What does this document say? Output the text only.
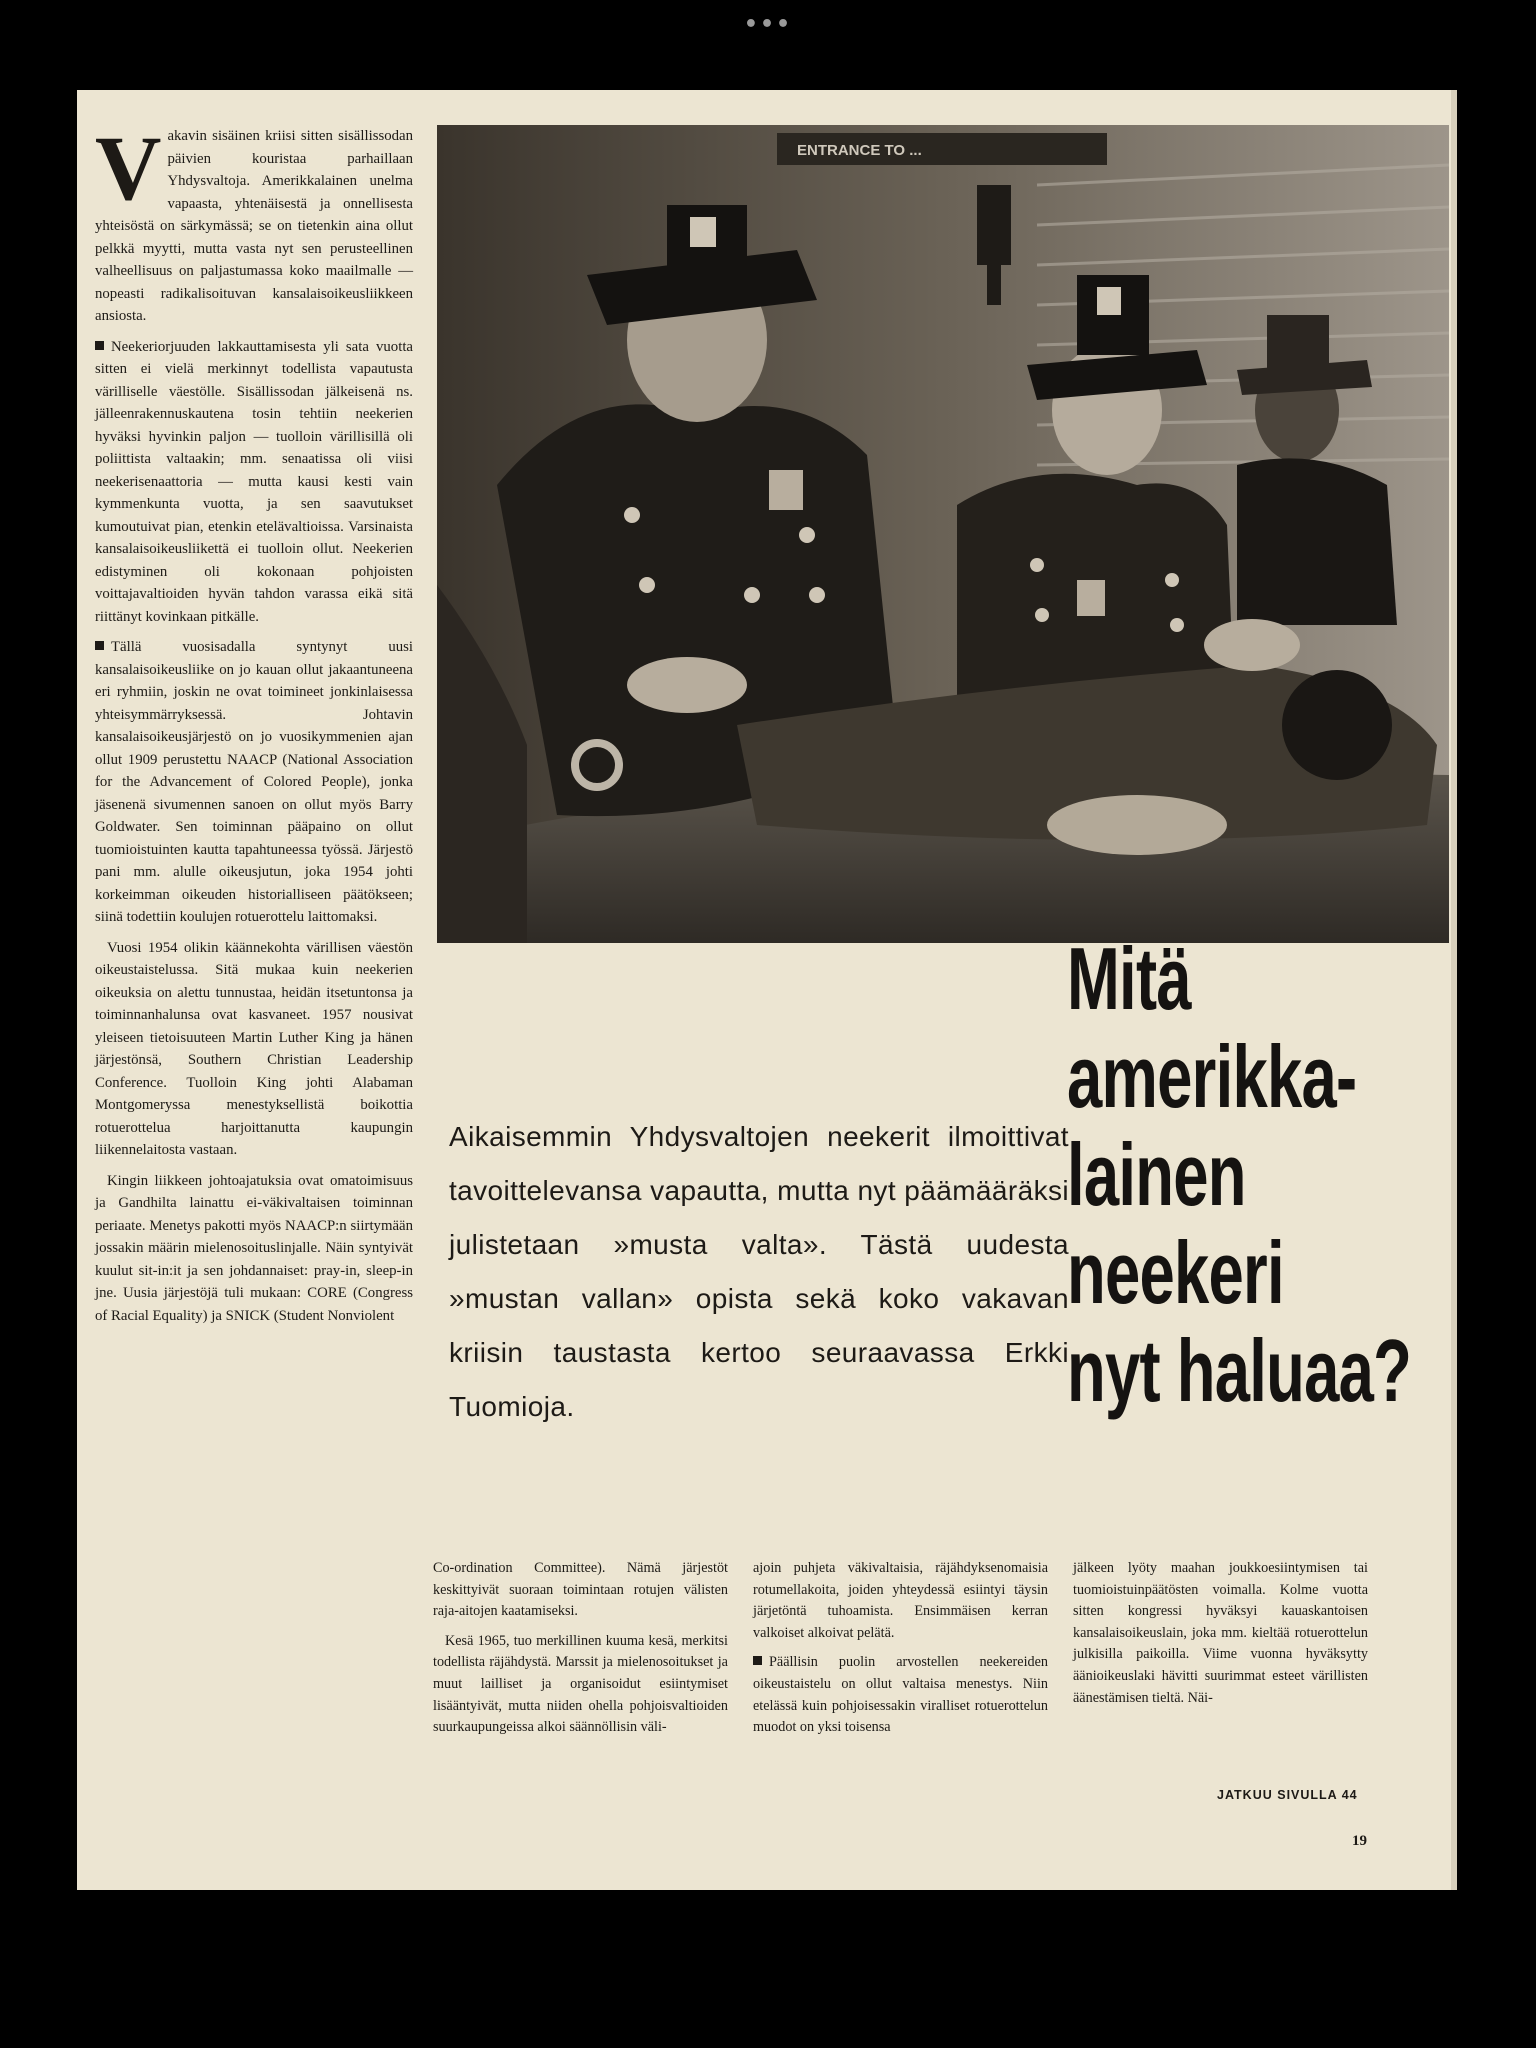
•••

Vakavin sisäinen kriisi sitten sisällissodan päivien kouristaa parhaillaan Yhdysvaltoja. Amerikkalainen unelma vapaasta, yhtenäisestä ja onnellisesta yhteisöstä on särkymässä; se on tietenkin aina ollut pelkkä myytti, mutta vasta nyt sen perusteellinen valheellisuus on paljastumassa koko maailmalle — nopeasti radikalisoituvan kansalaisoikeusliikkeen ansiosta.

Neekeriorjuuden lakkauttamisesta yli sata vuotta sitten ei vielä merkinnyt todellista vapautusta värilliselle väestölle. Sisällissodan jälkeisenä ns. jälleenrakennuskautena tosin tehtiin neekerien hyväksi hyvinkin paljon — tuolloin värillisillä oli poliittista valtaakin; mm. senaatissa oli viisi neekerisenaattoria — mutta kausi kesti vain kymmenkunta vuotta, ja sen saavutukset kumoutuivat pian, etenkin etelävaltioissa. Varsinaista kansalaisoikeusliikettä ei tuolloin ollut. Neekerien edistyminen oli kokonaan pohjoisten voittajavaltioiden hyvän tahdon varassa eikä sitä riittänyt kovinkaan pitkälle.

Tällä vuosisadalla syntynyt uusi kansalaisoikeusliike on jo kauan ollut jakaantuneena eri ryhmiin, joskin ne ovat toimineet jonkinlaisessa yhteisymmärryksessä. Johtavin kansalaisoikeusjärjestö on jo vuosikymmenien ajan ollut 1909 perustettu NAACP (National Association for the Advancement of Colored People), jonka jäsenenä sivumennen sanoen on ollut myös Barry Goldwater. Sen toiminnan pääpaino on ollut tuomioistuinten kautta tapahtuneessa työssä. Järjestö pani mm. alulle oikeusjutun, joka 1954 johti korkeimman oikeuden historialliseen päätökseen; siinä todettiin koulujen rotuerottelu laittomaksi.

Vuosi 1954 olikin käännekohta värillisen väestön oikeustaistelussa. Sitä mukaa kuin neekerien oikeuksia on alettu tunnustaa, heidän itsetuntonsa ja toiminnanhalunsa ovat kasvaneet. 1957 nousivat yleiseen tietoisuuteen Martin Luther King ja hänen järjestönsä, Southern Christian Leadership Conference. Tuolloin King johti Alabaman Montgomeryssa menestyksellistä boikottia rotuerottelua harjoittanutta kaupungin liikennelaitosta vastaan.

Kingin liikkeen johtoajatuksia ovat omatoimisuus ja Gandhilta lainattu ei-väkivaltaisen toiminnan periaate. Menetys pakotti myös NAACP:n siirtymään jossakin määrin mielenosoituslinjalle. Näin syntyivät kuulut sit-in:it ja sen johdannaiset: pray-in, sleep-in jne. Uusia järjestöjä tuli mukaan: CORE (Congress of Racial Equality) ja SNICK (Student Nonviolent

ENTRANCE TO ...
Aikaisemmin Yhdysvaltojen neekerit ilmoittivat tavoittelevansa vapautta, mutta nyt päämääräksi julistetaan »musta valta». Tästä uudesta »mustan vallan» opista sekä koko vakavan kriisin taustasta kertoo seuraavassa Erkki Tuomioja.
Mitä
amerikka-
lainen
neekeri
nyt haluaa?

Co-ordination Committee). Nämä järjestöt keskittyivät suoraan toimintaan rotujen välisten raja-aitojen kaatamiseksi.

Kesä 1965, tuo merkillinen kuuma kesä, merkitsi todellista räjähdystä. Marssit ja mielenosoitukset ja muut lailliset ja organisoidut esiintymiset lisääntyivät, mutta niiden ohella pohjoisvaltioiden suurkaupungeissa alkoi säännöllisin väli-

ajoin puhjeta väkivaltaisia, räjähdyksenomaisia rotumellakoita, joiden yhteydessä esiintyi täysin järjetöntä tuhoamista. Ensimmäisen kerran valkoiset alkoivat pelätä.

Päällisin puolin arvostellen neekereiden oikeustaistelu on ollut valtaisa menestys. Niin etelässä kuin pohjoisessakin viralliset rotuerottelun muodot on yksi toisensa

jälkeen lyöty maahan joukkoesiintymisen tai tuomioistuinpäätösten voimalla. Kolme vuotta sitten kongressi hyväksyi kauaskantoisen kansalaisoikeuslain, joka mm. kieltää rotuerottelun julkisilla paikoilla. Viime vuonna hyväksytty äänioikeuslaki hävitti suurimmat esteet värillisten äänestämisen tieltä. Näi-

JATKUU SIVULLA 44
19
